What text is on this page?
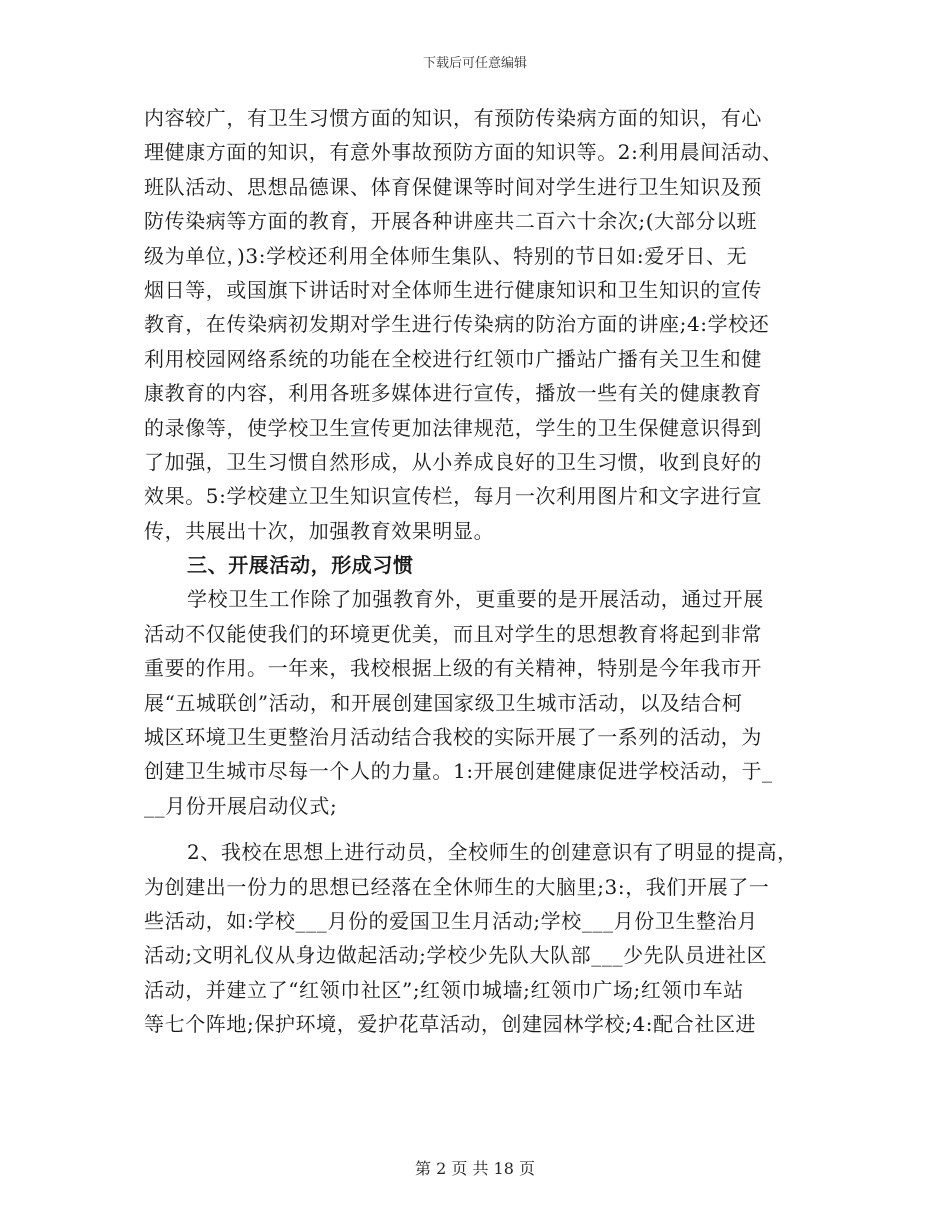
下载后可任意编辑
内容较广，有卫生习惯方面的知识，有预防传染病方面的知识，有心
理健康方面的知识，有意外事故预防方面的知识等。2:利用晨间活动、
班队活动、思想品德课、体育保健课等时间对学生进行卫生知识及预
防传染病等方面的教育，开展各种讲座共二百六十余次;(大部分以班
级为单位，)3:学校还利用全体师生集队、特别的节日如:爱牙日、无
烟日等，或国旗下讲话时对全体师生进行健康知识和卫生知识的宣传
教育，在传染病初发期对学生进行传染病的防治方面的讲座;4:学校还
利用校园网络系统的功能在全校进行红领巾广播站广播有关卫生和健
康教育的内容，利用各班多媒体进行宣传，播放一些有关的健康教育
的录像等，使学校卫生宣传更加法律规范，学生的卫生保健意识得到
了加强，卫生习惯自然形成，从小养成良好的卫生习惯，收到良好的
效果。5:学校建立卫生知识宣传栏，每月一次利用图片和文字进行宣
传，共展出十次，加强教育效果明显。
三、开展活动，形成习惯
学校卫生工作除了加强教育外，更重要的是开展活动，通过开展
活动不仅能使我们的环境更优美，而且对学生的思想教育将起到非常
重要的作用。一年来，我校根据上级的有关精神，特别是今年我市开
展“五城联创”活动，和开展创建国家级卫生城市活动，以及结合柯
城区环境卫生更整治月活动结合我校的实际开展了一系列的活动，为
创建卫生城市尽每一个人的力量。1:开展创建健康促进学校活动，于_
__月份开展启动仪式;
2、我校在思想上进行动员，全校师生的创建意识有了明显的提高，
为创建出一份力的思想已经落在全休师生的大脑里;3:，我们开展了一
些活动，如:学校___月份的爱国卫生月活动;学校___月份卫生整治月
活动;文明礼仪从身边做起活动;学校少先队大队部___少先队员进社区
活动，并建立了“红领巾社区”;红领巾城墙;红领巾广场;红领巾车站
等七个阵地;保护环境，爱护花草活动，创建园林学校;4:配合社区进
第 2 页 共 18 页
